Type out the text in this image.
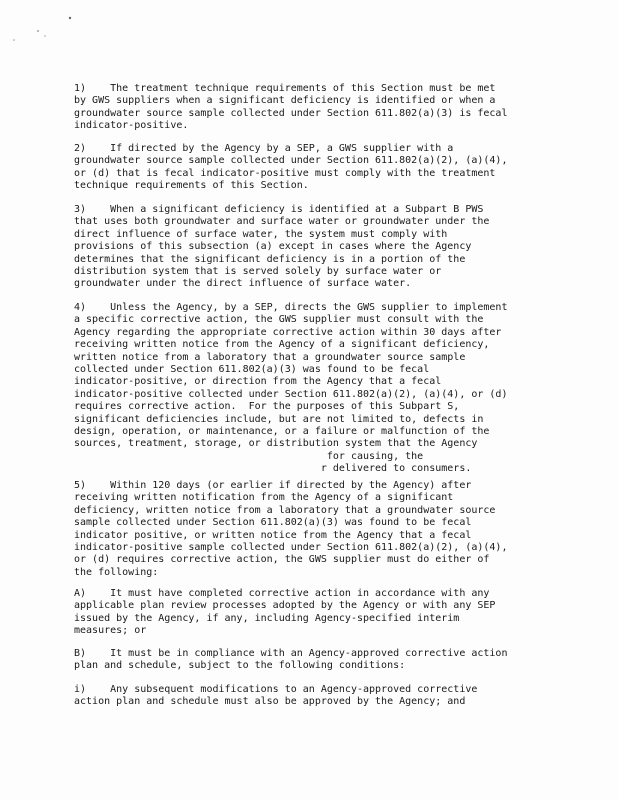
1)    The treatment technique requirements of this Section must be met
by GWS suppliers when a significant deficiency is identified or when a
groundwater source sample collected under Section 611.802(a)(3) is fecal
indicator-positive.
2)    If directed by the Agency by a SEP, a GWS supplier with a
groundwater source sample collected under Section 611.802(a)(2), (a)(4),
or (d) that is fecal indicator-positive must comply with the treatment
technique requirements of this Section.
3)    When a significant deficiency is identified at a Subpart B PWS
that uses both groundwater and surface water or groundwater under the
direct influence of surface water, the system must comply with
provisions of this subsection (a) except in cases where the Agency
determines that the significant deficiency is in a portion of the
distribution system that is served solely by surface water or
groundwater under the direct influence of surface water.
4)    Unless the Agency, by a SEP, directs the GWS supplier to implement
a specific corrective action, the GWS supplier must consult with the
Agency regarding the appropriate corrective action within 30 days after
receiving written notice from the Agency of a significant deficiency,
written notice from a laboratory that a groundwater source sample
collected under Section 611.802(a)(3) was found to be fecal
indicator-positive, or direction from the Agency that a fecal
indicator-positive collected under Section 611.802(a)(2), (a)(4), or (d)
requires corrective action.  For the purposes of this Subpart S,
significant deficiencies include, but are not limited to, defects in
design, operation, or maintenance, or a failure or malfunction of the
sources, treatment, storage, or distribution system that the Agency
for causing, the
r delivered to consumers.
5)    Within 120 days (or earlier if directed by the Agency) after
receiving written notification from the Agency of a significant
deficiency, written notice from a laboratory that a groundwater source
sample collected under Section 611.802(a)(3) was found to be fecal
indicator positive, or written notice from the Agency that a fecal
indicator-positive sample collected under Section 611.802(a)(2), (a)(4),
or (d) requires corrective action, the GWS supplier must do either of
the following:
A)    It must have completed corrective action in accordance with any
applicable plan review processes adopted by the Agency or with any SEP
issued by the Agency, if any, including Agency-specified interim
measures; or
B)    It must be in compliance with an Agency-approved corrective action
plan and schedule, subject to the following conditions:
i)    Any subsequent modifications to an Agency-approved corrective
action plan and schedule must also be approved by the Agency; and
